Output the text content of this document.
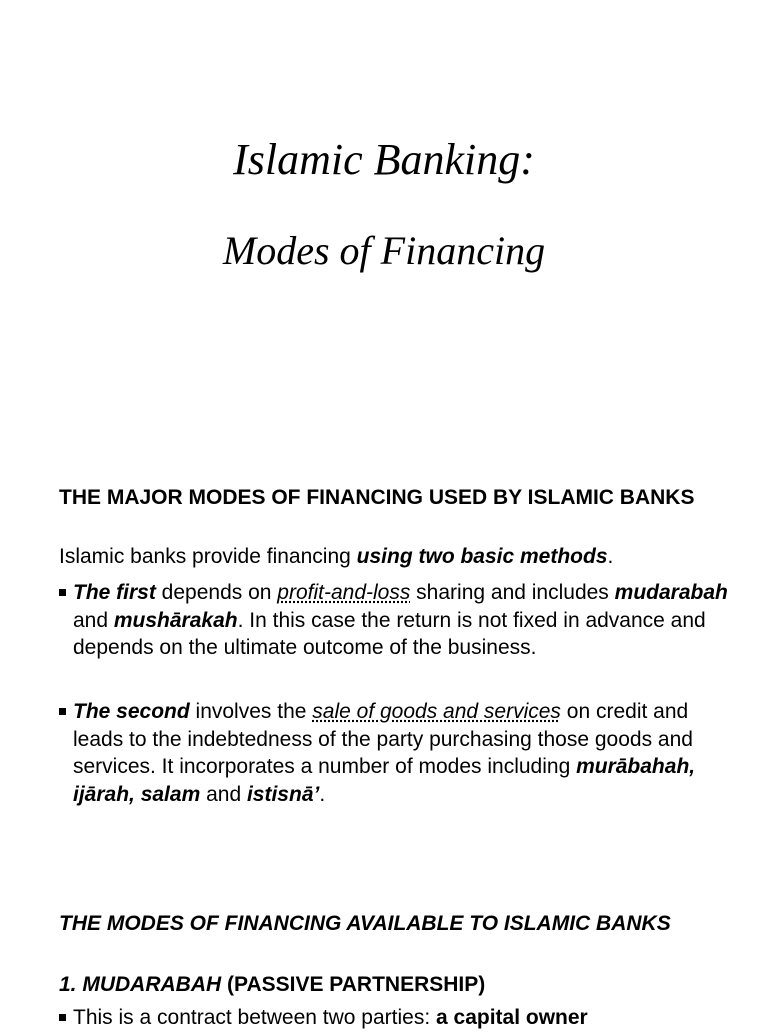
Islamic Banking:
Modes of Financing

THE MAJOR MODES OF FINANCING USED BY ISLAMIC BANKS

Islamic banks provide financing using two basic methods.

The first depends on profit-and-loss sharing and includes mudarabah and mushārakah. In this case the return is not fixed in advance and depends on the ultimate outcome of the business.
The second involves the sale of goods and services on credit and leads to the indebtedness of the party purchasing those goods and services. It incorporates a number of modes including murābahah, ijārah, salam and istisnā’.

THE MODES OF FINANCING AVAILABLE TO ISLAMIC BANKS

1. MUDARABAH (PASSIVE PARTNERSHIP)

This is a contract between two parties: a capital owner
